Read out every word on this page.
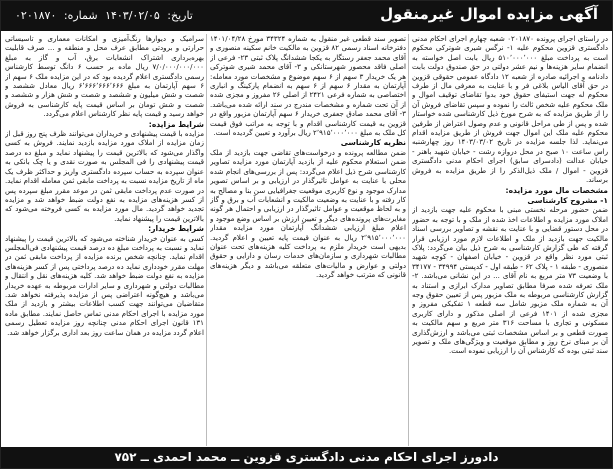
آگهی مزایده اموال غیرمنقول
تاریخ: ۱۴۰۳/۰۲/۰۵ شماره: ۰۲۰۱۸۷۰
در راستای اجرای پرونده ۰۲۰۱۸۷۰ شعبه چهارم اجرای احکام مدنی دادگستری قزوین محکوم علیه ۱- نرگس شیری شوترکی محکوم است به پرداخت مبلغ ۵۱۰٬۰۰۰٬۰۰۰ ریال بابت اصل خواسته به انضمام سایر هزینه‌ها و نیم عشر دولتی در حق صندوق دولت بابت دادنامه و اجرائیه صادره از شعبه ۱۲ دادگاه عمومی حقوقی قزوین در حق آقای الیاس بلاغی فر و با عنایت به معرفی مال از طرف محکوم له جهت استیفای حقوق خود بدوا تقاضای توقیف اموال و ملک محکوم علیه شخص ثالث را نموده و سپس تقاضای فروش آن را از طریق مزایده که به شرح مورخ ذیل کارشناسی شده خواستار شده و پس از طی مراحل قانونی و عدم وصول اعتراض از طرفین محکوم علیه ملک این اموال جهت فروش از طریق مزایده اقدام می‌نماید. لذا جلسه مزایده در تاریخ ۱۴۰۳/۰۳/۰۲ روز چهارشنبه راس ساعت ۱۰ صبح در محل دروازه رشت - خیابان شهید باهنر - خیابان عدالت (دادسرای سابق) اجرای احکام مدنی دادگستری قزوین - اموال / ملک ذیل‌الذکر را از طریق مزایده به فروش برساند.
مشخصات مال مورد مزایده:
۱- مشروح کارشناسی
ضمن حضور مرحله نخستی مبنی با محکوم علیه جهت بازدید از املاک مورد مزایده و اطلاعات اخذ شده از ملک و با توجه به حضور در محل دستور قضایی و با عنایت به نقشه و تصاویر بررسی اسناد مالکیت جهت بازدید از ملک و اطلاعات لازم مورد ارزیابی قرار گرفته که طی گزارش کارشناسی به شرح ذیل بیان می‌گردد: پلاک ثبتی مورد نظر واقع در قزوین - خیابان اصفهان - کوچه شهید منصوری - طبقه ۱ - پلاک ۶۲ - طبقه اول - کدپستی ۳۴۹۹۴ - ۳۴۱۷۷ با وضعیت ۷۳ متر مربع به نام آقای ... در این نشانی می‌باشد. ۲- ملک تعرفه شده صرفا مطابق تصاویر مدارک ابرازی و استناد به گزارش کارشناسی مربوطه به ملک مزبور پس از تعیین حقوق وجه آن به شماره ملک مزبور شامل سه قطعه ۱ تفکیکی مفروز و مجزی شده از ۱۴۰۱ فرعی از اصلی مذکور و دارای کاربری مسکونی و تجاری با مساحت ۳۱۶ متر مربع و سهم مالکیت به صورت قطعی و بر اساس مشخصات ثبتی می‌باشد و ارزش‌گذاری آن بر مبنای نرخ روز و مطابق موقعیت و ویژگی‌های ملک و تصویر سند ثبتی بوده که کارشناس آن را ارزیابی نموده است.
تصویر سند قطعی غیر منقول به شماره ۳۴۳۲۴ مورخ ۱۴۰۱/۰۴/۲۸ دفترخانه اسناد رسمی ۸۲ قزوین به مالکیت خانم سکینه منصوری و آقای محمد جعفر رستگار به یکجا ششدانگ پلاک ثبتی ۲۳- فرعی از اصلی فاقد محصور شهرستانکی و ۳- آقای محمد شیری شوترکی هر یک خریدار ۳ سهم از ۶ سهم موضوع و مشخصات مورد معامله: آپارتمان به مقدار ۶ سهم از ۶ سهم به انضمام پارکینگ و انباری اختصاصی به شماره فرعی ۲۴۲۱ از اصلی ۲۶ مفروز و مجزی شده از آن تحت شماره و مشخصات مندرج در سند ارائه شده می‌باشد. ۳- آقای محمد صادق جعفری خریدار ۶ سهم آپارتمان مزبور واقع در قزوین به قیمت کارشناسی اقدام و با توجه به مراتب فوق قیمت کل ملک به مبلغ ۲٬۹۱۵٬۰۰۰٬۰۰۰ ریال برآورد و تعیین گردیده است.
نظریه کارشناسی
ضمن مطالعه پرونده و درخواست‌های تقاضی جهت بازدید از ملک ضمن استعلام محکوم علیه از بازدید آپارتمان مورد مزایده تصاویر کارشناسی شرح ذیل اعلام می‌گردد: پس از بررسی‌های انجام شده محلی با عنایت به عوامل تاثیرگذار در ارزیابی و بر اساس تصویر مدارک موجود و نوع کاربری موقعیت جغرافیایی سن بنا و مصالح به کار رفته و با عنایت به وضعیت مالکیت و انشعابات آب و برق و گاز و به لحاظ موقعیت و عوامل تاثیرگذار در ارزیابی و احتمال هر گونه مغایرت‌های پرونده‌های دیگر و تعیین ارزش بر اساس وضع موجود و اعلام مبلغ ارزیابی ششدانگ آپارتمان مورد مزایده مقدار ۲٬۹۱۵٬۰۰۰٬۰۰۰ ریال به عنوان قیمت پایه تعیین و اعلام گردید. بدیهی است خریدار ملزم به پرداخت کلیه هزینه‌های تحت عنوان مطالبات شهرداری و سازمان‌های خدمات رسان و دارایی و حقوق دولتی و عوارض و مالیات‌های متعلقه می‌باشد و دیگر هزینه‌های قانونی که مترتب خواهد گردید.
سرامیک و دیوارها رنگ‌آمیزی و امکانات معماری و تاسیساتی حرارتی و برودتی مطابق عرف محل و منطقه و ... صرف قابلیت بهره‌برداری اشتراک انشعابات برق، آب و گاز به مبلغ ۷/۰/۰۰۰/۰۰۰/۰۰۰ ریال ماده بر حسب ۶ دانگ توسط کارشناس رسمی دادگستری اعلام گردیده بود که در این مزایده ملک ۶ سهم از ۶ سهم آپارتمان به مبلغ ۶٬۶۶۶٬۶۶۶٬۶۶۶ ریال معادل ششصد و شصت و شش میلیون و ششصد و شصت و شش هزار و ششصد و شصت و شش تومان بر اساس قیمت پایه کارشناسی به فروش خواهد رسید و قیمت پایه نظر کارشناس اعلام می‌گردد.
شرایط مزایده:
مزایده با قیمت پیشنهادی و خریداران می‌توانند ظرف پنج روز قبل از زمان مزایده از املاک مورد مزایده بازدید نمایند. فروش به کسی واگذار می‌شود که بالاترین قیمت را پیشنهاد نماید و مبلغ ده درصد قیمت پیشنهادی را فی المجلس به صورت نقدی و یا چک بانکی به عنوان سپرده به حساب سپرده دادگستری واریز و حداکثر ظرف یک ماه از تاریخ مزایده نسبت به پرداخت مابقی ثمن معامله اقدام نماید. در صورت عدم پرداخت مابقی ثمن در موعد مقرر مبلغ سپرده پس از کسر هزینه‌های مزایده به نفع دولت ضبط خواهد شد و مزایده تجدید خواهد گردید. مال مورد مزایده به کسی فروخته می‌شود که بالاترین قیمت را پیشنهاد نماید.
شرایط خریدار:
کسی به عنوان خریدار شناخته می‌شود که بالاترین قیمت را پیشنهاد نماید و نسبت به پرداخت مبلغ ده درصد قیمت پیشنهادی فی‌المجلس اقدام نماید. چنانچه شخص برنده مزایده از پرداخت مابقی ثمن در مهلت مقرر خودداری نماید ده درصد پرداختی پس از کسر هزینه‌های مزایده به نفع دولت ضبط خواهد شد. کلیه هزینه‌های نقل و انتقال و مطالبات دولتی و شهرداری و سایر ادارات مربوطه به عهده خریدار می‌باشد و هیچ‌گونه اعتراضی پس از مزایده پذیرفته نخواهد شد. متقاضیان می‌توانند جهت کسب اطلاعات بیشتر و بازدید از ملک مورد مزایده با اجرای احکام مدنی تماس حاصل نمایند. مطابق ماده ۱۳۱ قانون اجرای احکام مدنی چنانچه روز مزایده تعطیل رسمی اعلام گردد مزایده در همان ساعت روز بعد اداری برگزار خواهد شد.
دادورز اجرای احکام مدنی دادگستری قزوین ــ محمد احمدی ــ ۷۵۲
